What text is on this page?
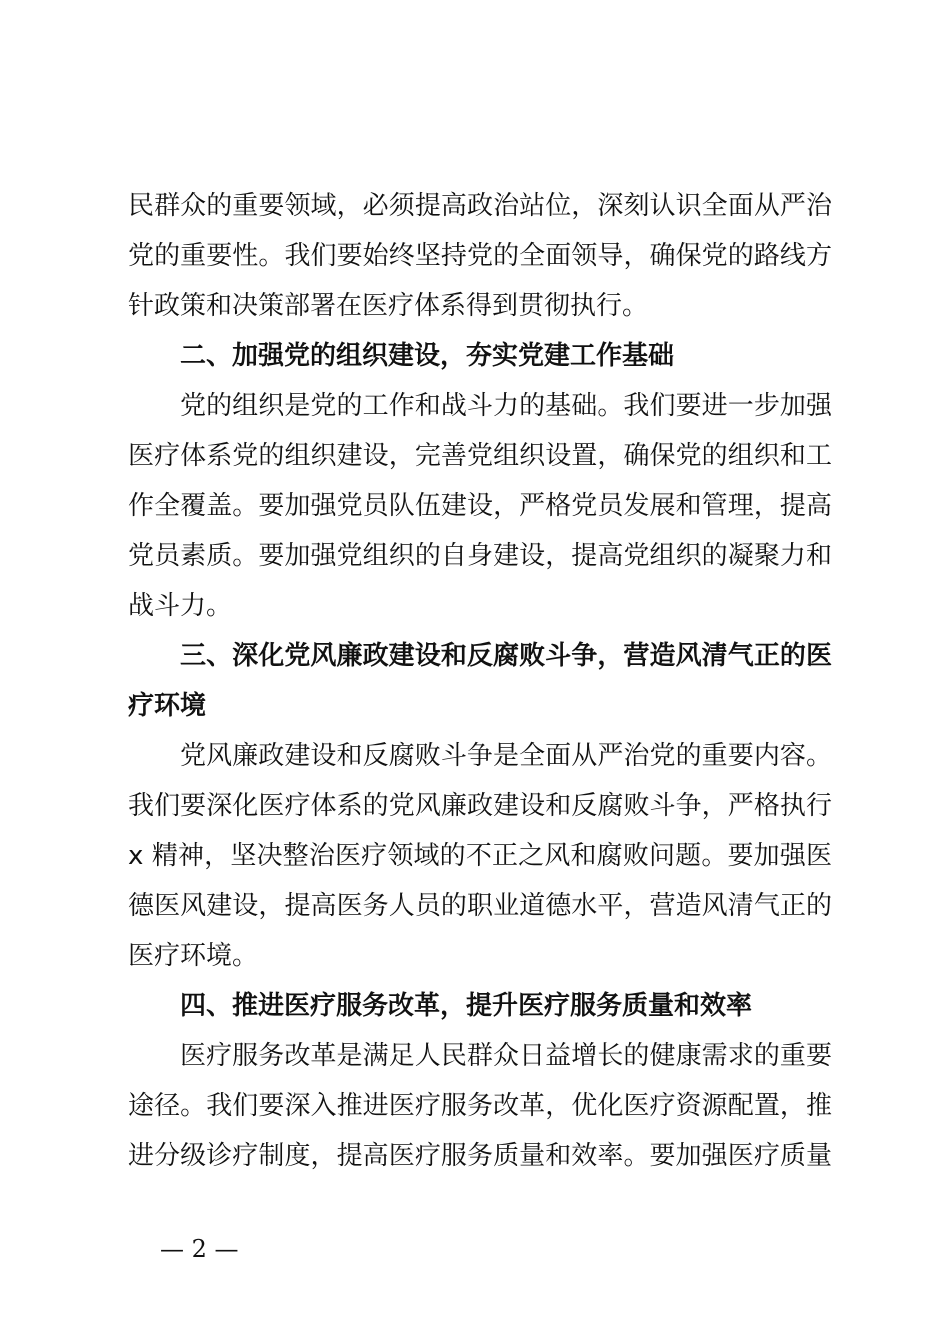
民群众的重要领域，必须提高政治站位，深刻认识全面从严治
党的重要性。我们要始终坚持党的全面领导，确保党的路线方
针政策和决策部署在医疗体系得到贯彻执行。
二、加强党的组织建设，夯实党建工作基础
党的组织是党的工作和战斗力的基础。我们要进一步加强
医疗体系党的组织建设，完善党组织设置，确保党的组织和工
作全覆盖。要加强党员队伍建设，严格党员发展和管理，提高
党员素质。要加强党组织的自身建设，提高党组织的凝聚力和
战斗力。
三、深化党风廉政建设和反腐败斗争，营造风清气正的医
疗环境
党风廉政建设和反腐败斗争是全面从严治党的重要内容。
我们要深化医疗体系的党风廉政建设和反腐败斗争，严格执行
x 精神，坚决整治医疗领域的不正之风和腐败问题。要加强医
德医风建设，提高医务人员的职业道德水平，营造风清气正的
医疗环境。
四、推进医疗服务改革，提升医疗服务质量和效率
医疗服务改革是满足人民群众日益增长的健康需求的重要
途径。我们要深入推进医疗服务改革，优化医疗资源配置，推
进分级诊疗制度，提高医疗服务质量和效率。要加强医疗质量
— 2 —
